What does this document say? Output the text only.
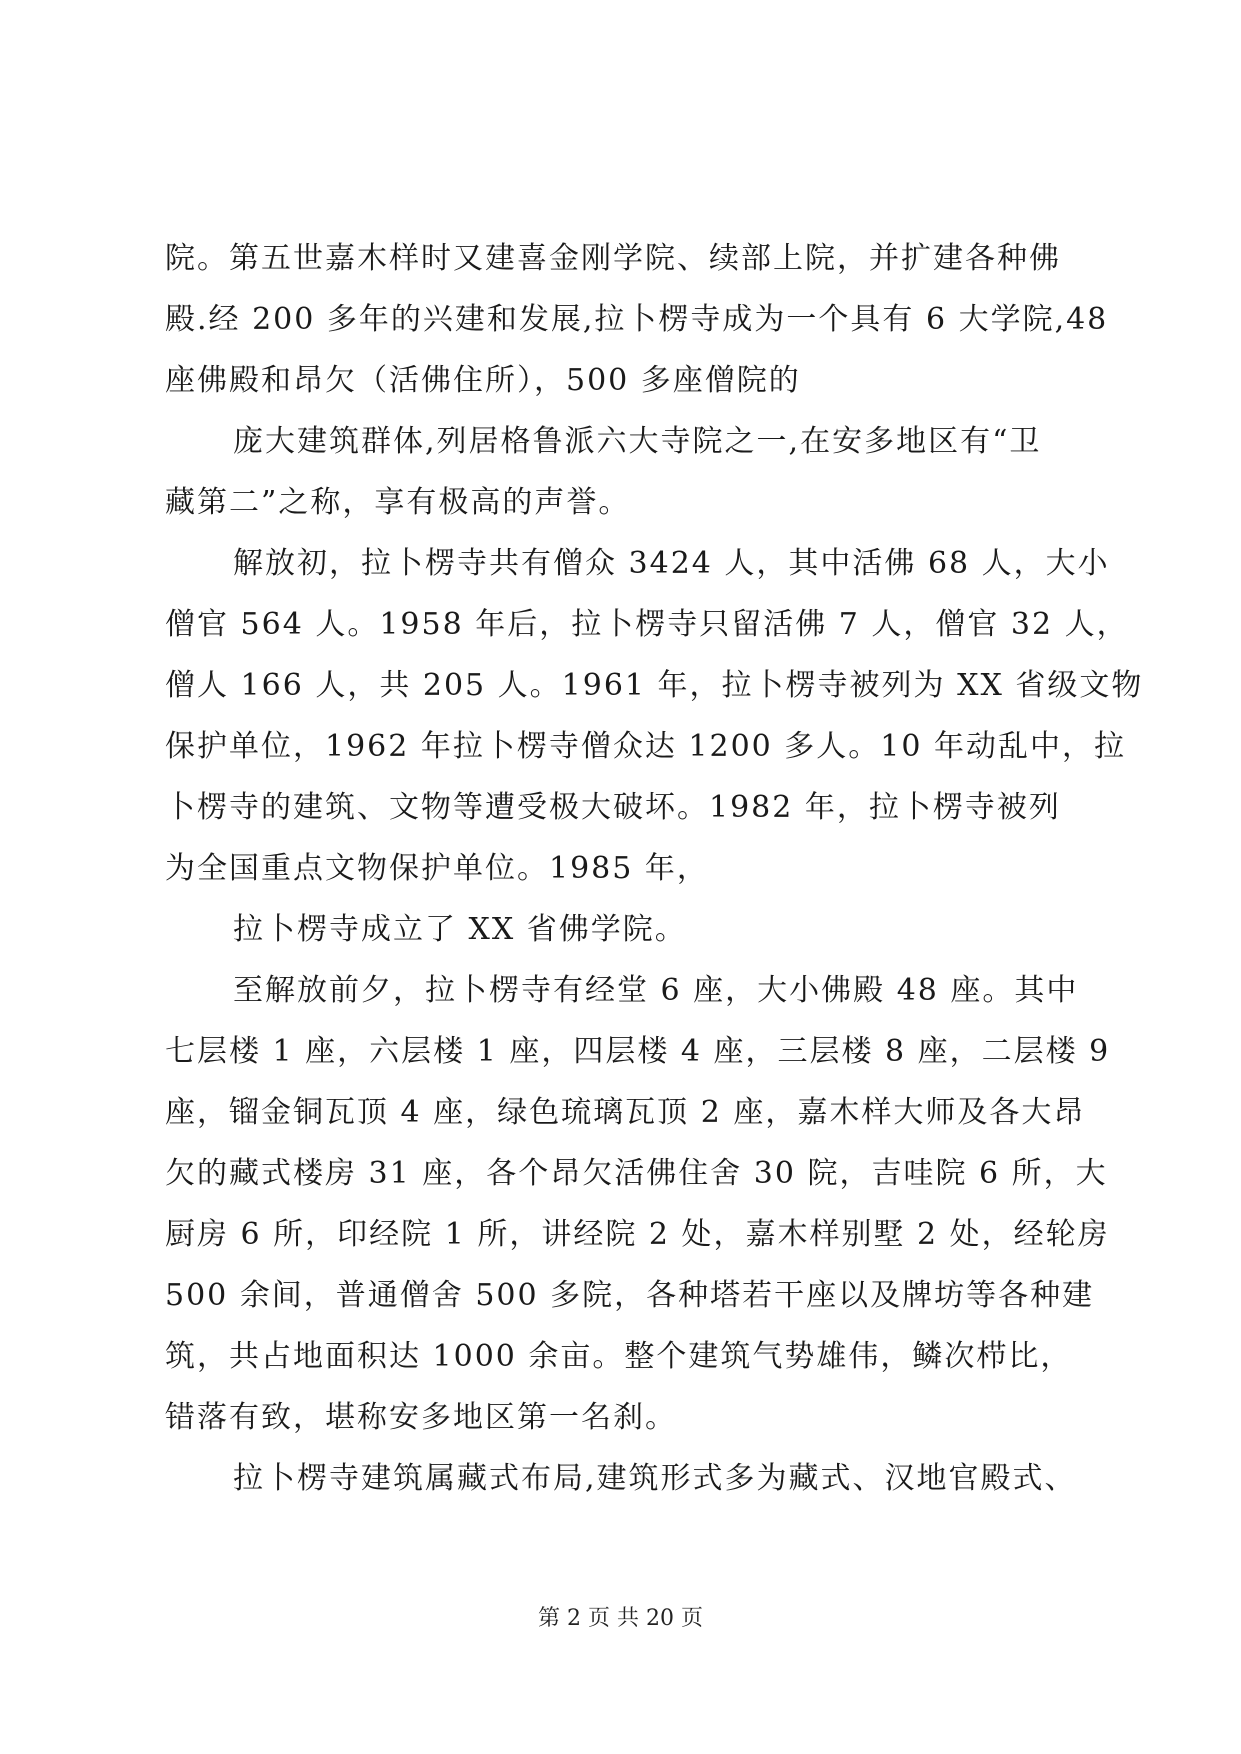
院。第五世嘉木样时又建喜金刚学院、续部上院，并扩建各种佛
殿.经 200 多年的兴建和发展,拉卜楞寺成为一个具有 6 大学院,48
座佛殿和昂欠（活佛住所），500 多座僧院的

庞大建筑群体,列居格鲁派六大寺院之一,在安多地区有“卫
藏第二”之称，享有极高的声誉。

解放初，拉卜楞寺共有僧众 3424 人，其中活佛 68 人，大小
僧官 564 人。1958 年后，拉卜楞寺只留活佛 7 人，僧官 32 人，
僧人 166 人，共 205 人。1961 年，拉卜楞寺被列为 XX 省级文物
保护单位，1962 年拉卜楞寺僧众达 1200 多人。10 年动乱中，拉
卜楞寺的建筑、文物等遭受极大破坏。1982 年，拉卜楞寺被列
为全国重点文物保护单位。1985 年，

拉卜楞寺成立了 XX 省佛学院。

至解放前夕，拉卜楞寺有经堂 6 座，大小佛殿 48 座。其中
七层楼 1 座，六层楼 1 座，四层楼 4 座，三层楼 8 座，二层楼 9
座，镏金铜瓦顶 4 座，绿色琉璃瓦顶 2 座，嘉木样大师及各大昂
欠的藏式楼房 31 座，各个昂欠活佛住舍 30 院，吉哇院 6 所，大
厨房 6 所，印经院 1 所，讲经院 2 处，嘉木样别墅 2 处，经轮房
500 余间，普通僧舍 500 多院，各种塔若干座以及牌坊等各种建
筑，共占地面积达 1000 余亩。整个建筑气势雄伟，鳞次栉比，
错落有致，堪称安多地区第一名刹。

拉卜楞寺建筑属藏式布局,建筑形式多为藏式、汉地官殿式、

第 2 页 共 20 页
